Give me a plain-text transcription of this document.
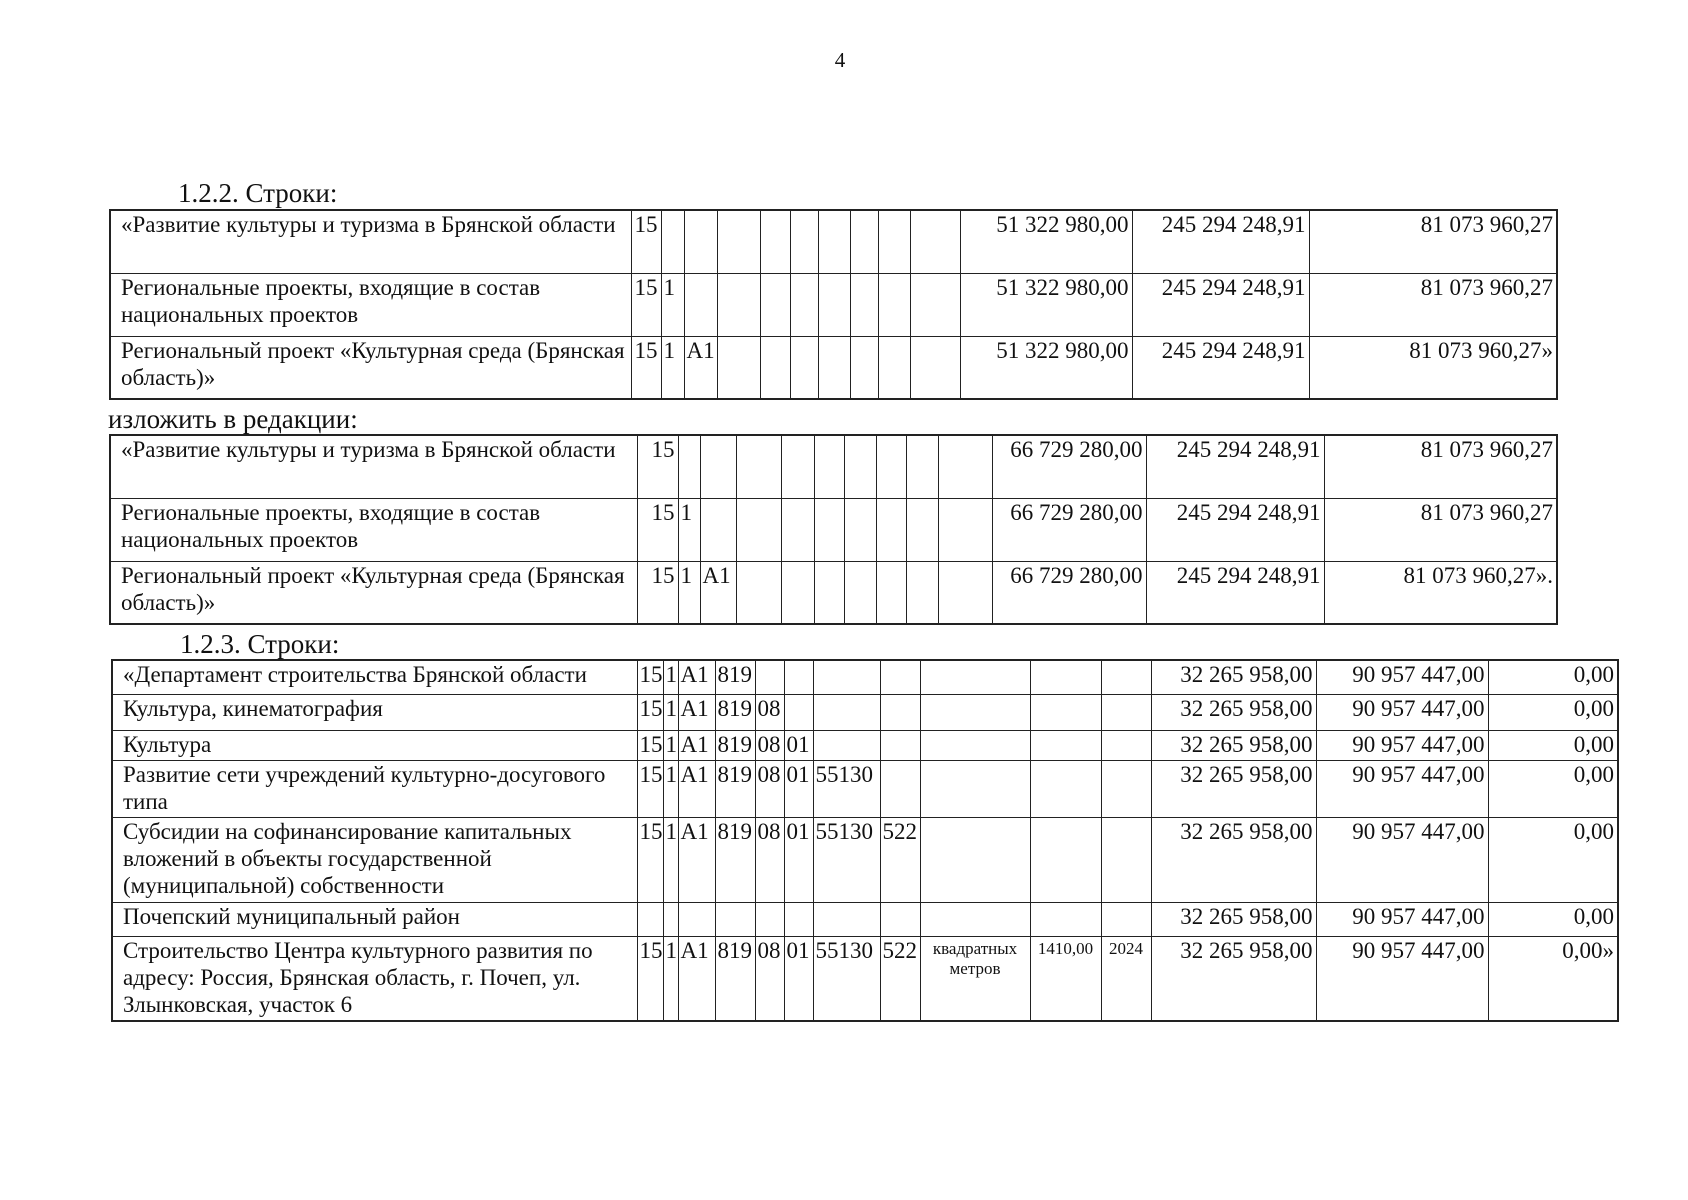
4
1.2.2. Строки:
«Развитие культуры и туризма в Брянской области	15										51 322 980,00	245 294 248,91	81 073 960,27
Региональные проекты, входящие в состав национальных проектов	15	1									51 322 980,00	245 294 248,91	81 073 960,27
Региональный проект «Культурная среда (Брянская область)»	15	1	А1								51 322 980,00	245 294 248,91	81 073 960,27»
изложить в редакции:
«Развитие культуры и туризма в Брянской области	15										66 729 280,00	245 294 248,91	81 073 960,27
Региональные проекты, входящие в состав национальных проектов	15	1									66 729 280,00	245 294 248,91	81 073 960,27
Региональный проект «Культурная среда (Брянская область)»	15	1	А1								66 729 280,00	245 294 248,91	81 073 960,27».
1.2.3. Строки:
«Департамент строительства Брянской области	15	1	А1	819								32 265 958,00	90 957 447,00	0,00
Культура, кинематография	15	1	А1	819	08							32 265 958,00	90 957 447,00	0,00
Культура	15	1	А1	819	08	01						32 265 958,00	90 957 447,00	0,00
Развитие сети учреждений культурно-досугового типа	15	1	А1	819	08	01	55130					32 265 958,00	90 957 447,00	0,00
Субсидии на софинансирование капитальных вложений в объекты государственной (муниципальной) собственности	15	1	А1	819	08	01	55130	522				32 265 958,00	90 957 447,00	0,00
Почепский муниципальный район												32 265 958,00	90 957 447,00	0,00
Строительство Центра культурного развития по адресу: Россия, Брянская область, г. Почеп, ул. Злынковская, участок 6	15	1	А1	819	08	01	55130	522	квадратных метров	1410,00	2024	32 265 958,00	90 957 447,00	0,00»
